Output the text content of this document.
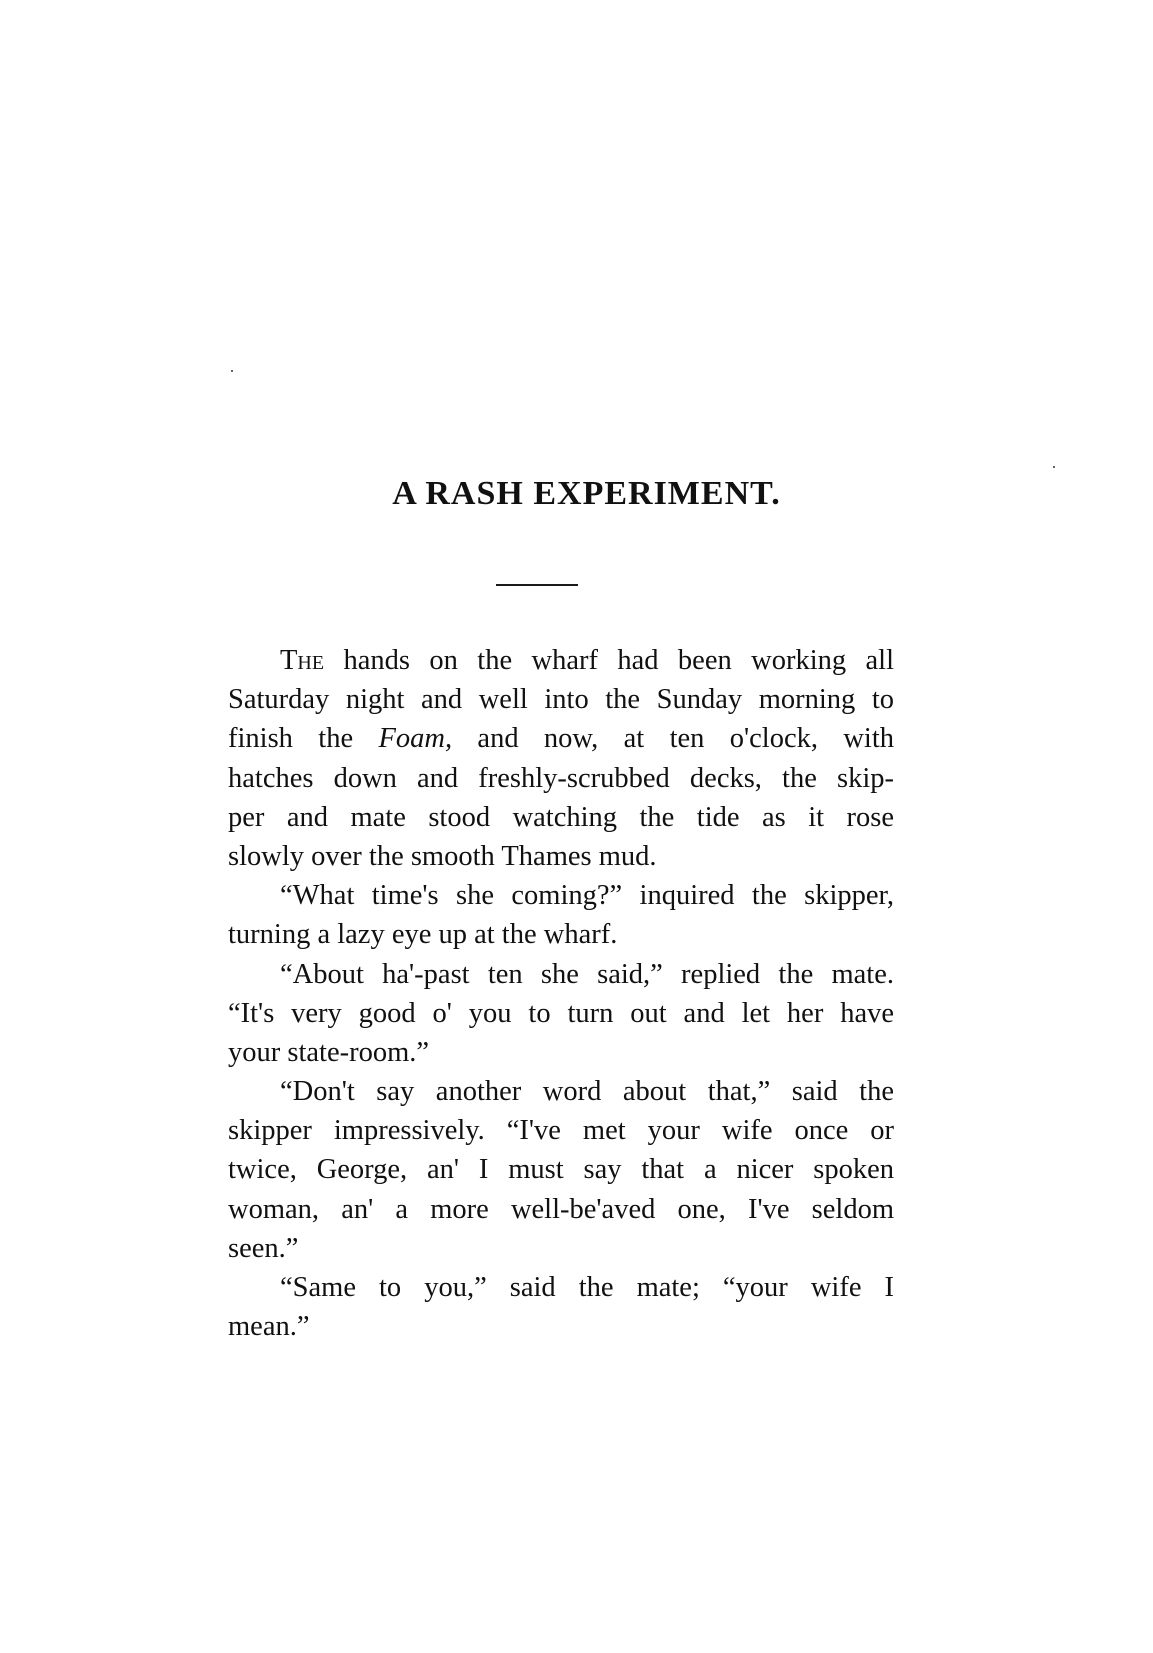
A RASH EXPERIMENT.

The hands on the wharf had been working all
Saturday night and well into the Sunday morning to
finish the Foam, and now, at ten o'clock, with
hatches down and freshly-scrubbed decks, the skip-
per and mate stood watching the tide as it rose
slowly over the smooth Thames mud.

“What time's she coming?” inquired the skipper,
turning a lazy eye up at the wharf.

“About ha'-past ten she said,” replied the mate.
“It's very good o' you to turn out and let her have
your state-room.”

“Don't say another word about that,” said the
skipper impressively. “I've met your wife once or
twice, George, an' I must say that a nicer spoken
woman, an' a more well-be'aved one, I've seldom
seen.”

“Same to you,” said the mate; “your wife I
mean.”
